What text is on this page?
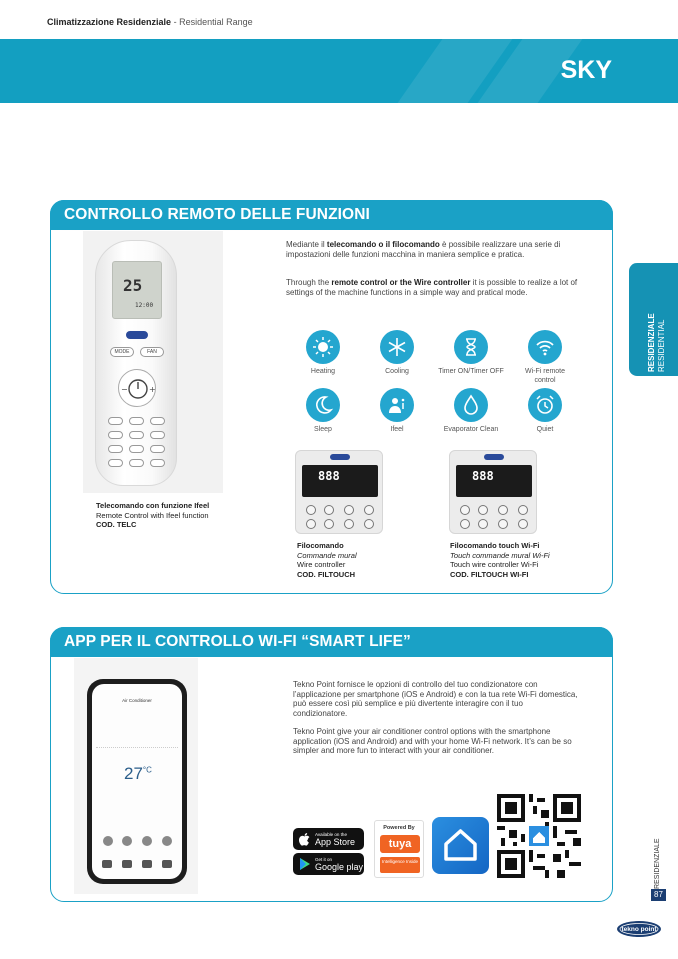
Climatizzazione Residenziale - Residential Range
SKY
RESIDENZIALE
RESIDENTIAL
CONTROLLO REMOTO DELLE FUNZIONI
25
12:00
MODE	FAN
−	+
Telecomando con funzione Ifeel
Remote Control with Ifeel function
COD. TELC
Mediante il telecomando o il filocomando è possibile realizzare una serie di impostazioni delle funzioni macchina in maniera semplice e pratica.
Through the remote control or the Wire controller it is possible to realize a lot of settings of the machine functions in a simple way and pratical mode.
Heating	Cooling	Timer ON/Timer OFF	Wi-Fi remote control
Sleep	Ifeel	Evaporator Clean	Quiet
888	888
Filocomando
Commande mural
Wire controller
COD. FILTOUCH
Filocomando touch Wi-Fi
Touch commande mural Wi-Fi
Touch wire controller Wi-Fi
COD. FILTOUCH WI-FI
APP PER IL CONTROLLO WI-FI “SMART LIFE”
Air Conditioner
$27^{^\circ C}$
Tekno Point fornisce le opzioni di controllo del tuo condizionatore con l’applicazione per smartphone (iOS e Android) e con la tua rete Wi-Fi domestica, può essere così più semplice e più divertente interagire con il tuo condizionatore.
Tekno Point give your air conditioner control options with the smartphone application (iOS and Android) and with your home Wi-Fi network. It’s can be so simpler and more fun to interact with your air conditioner.
Available on the
App Store
Get it on
Google play
Powered By
tuya
Intelligence Inside	RESIDENZIALE
87
tekno point
